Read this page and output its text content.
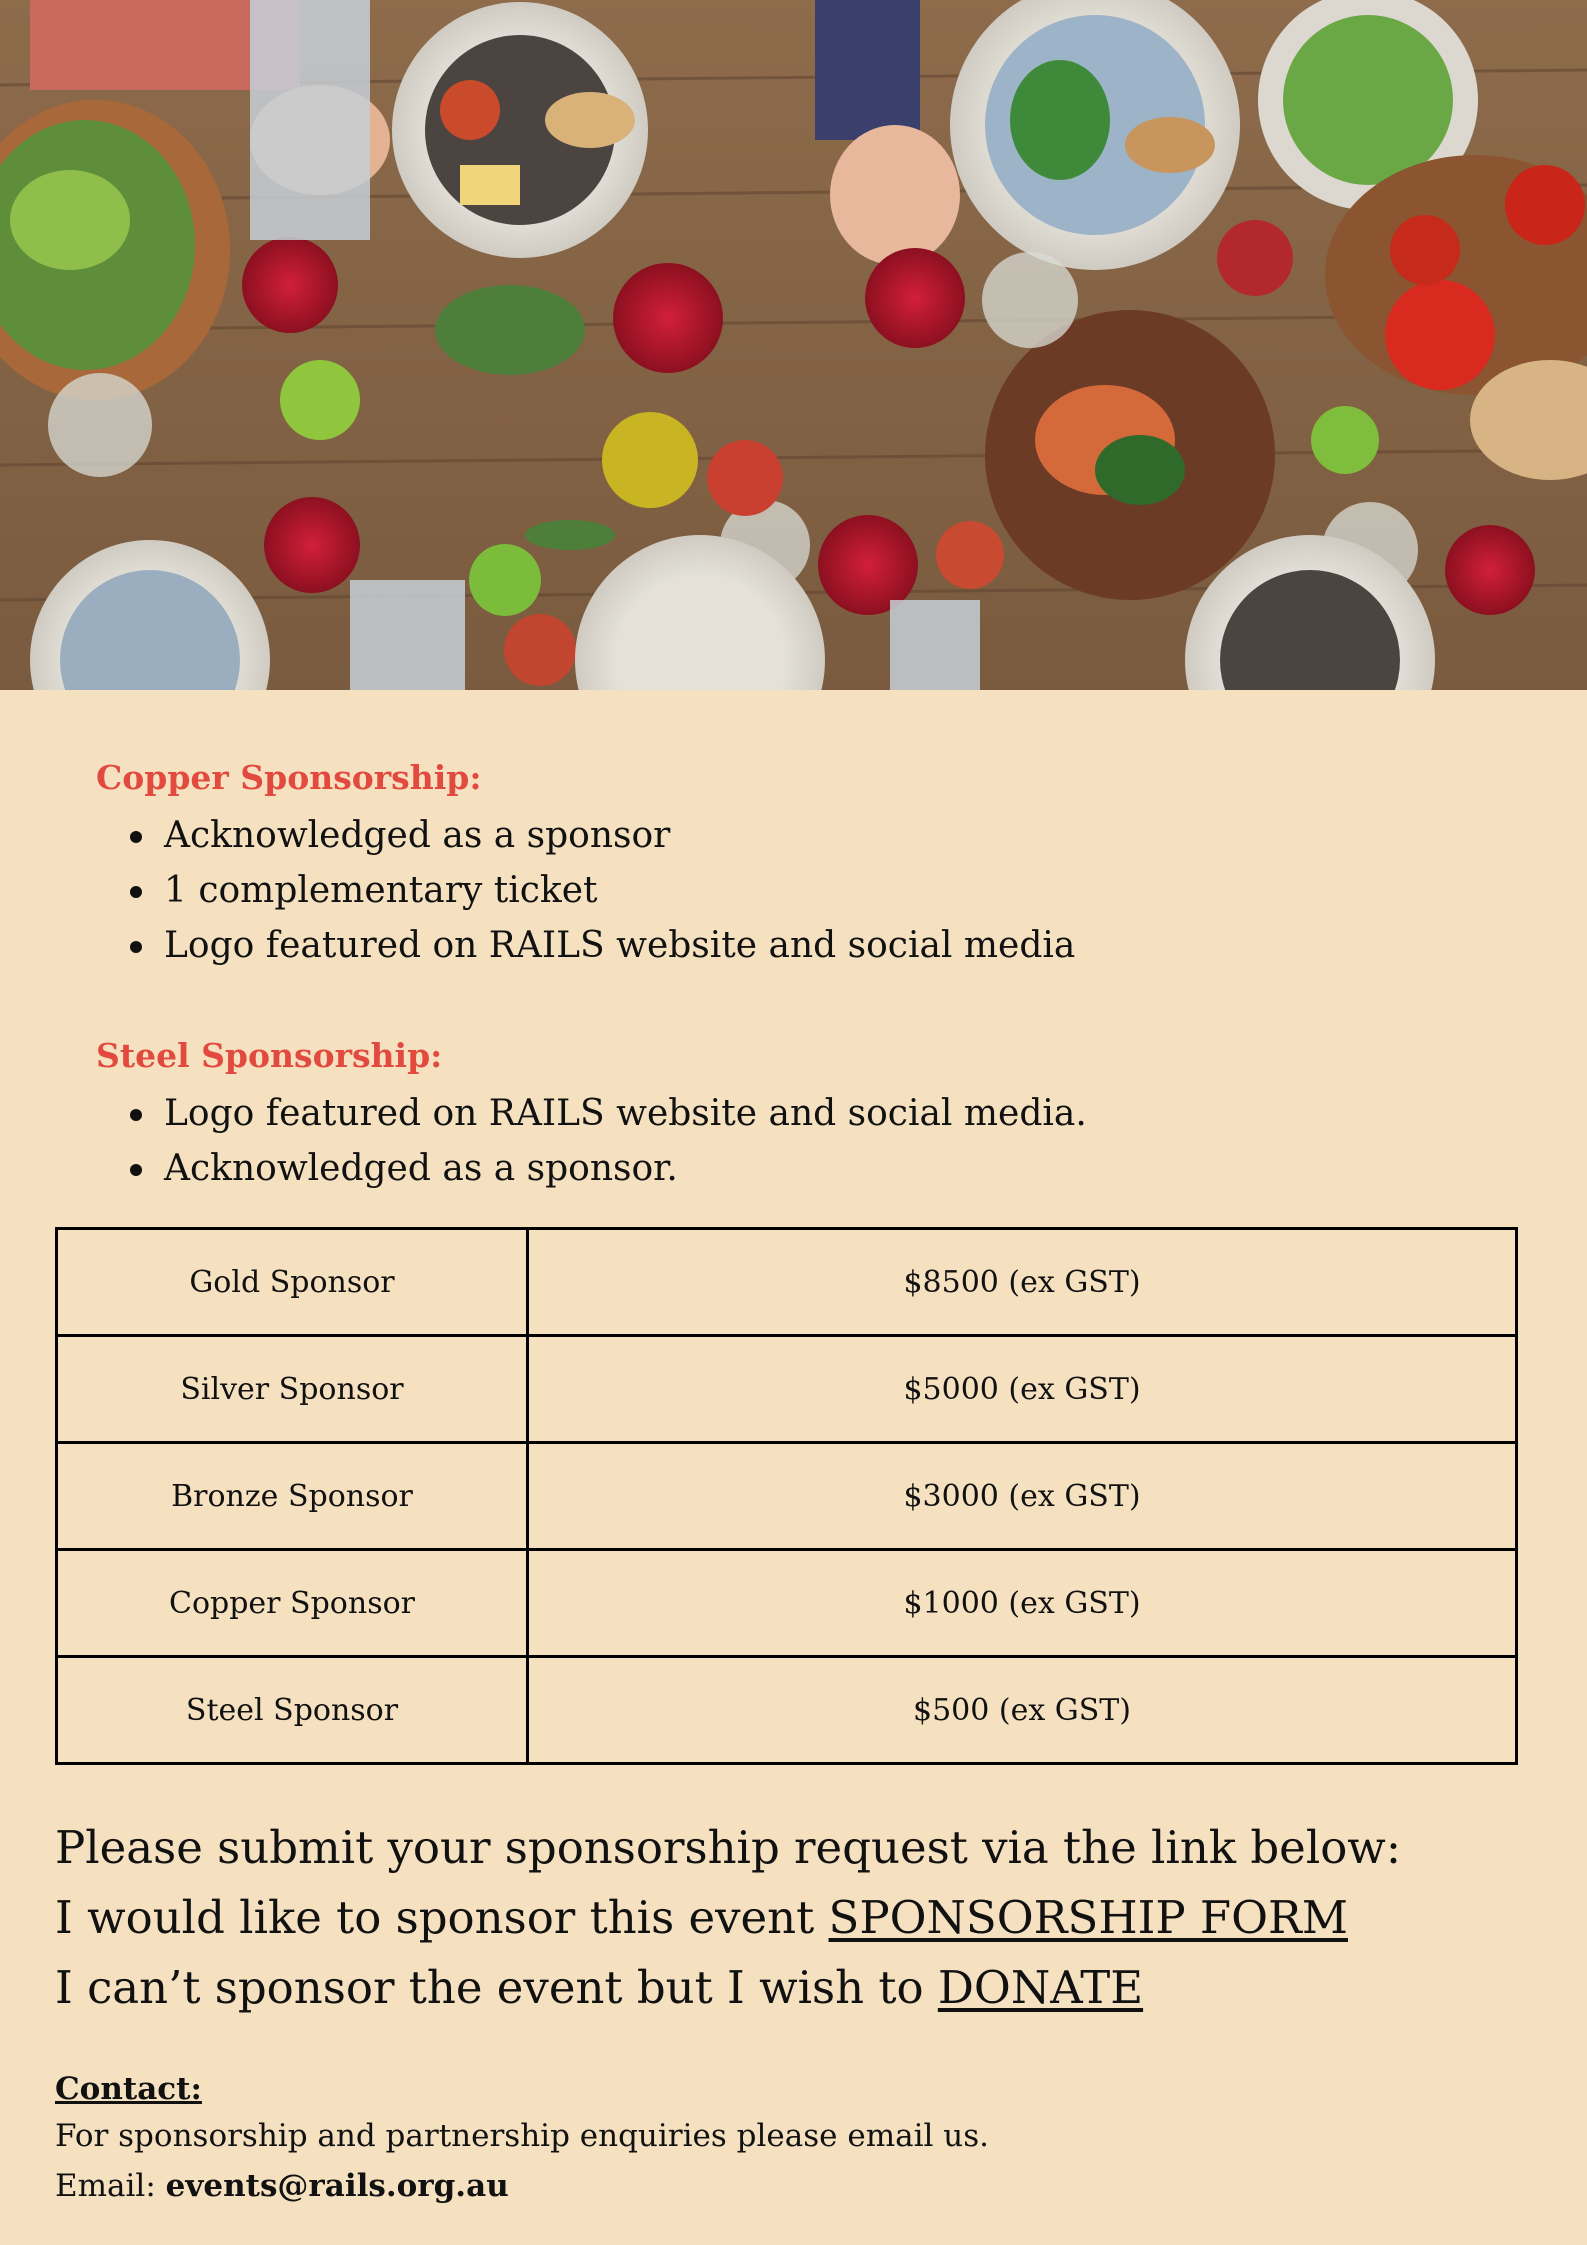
Copper Sponsorship:
Acknowledged as a sponsor
1 complementary ticket
Logo featured on RAILS website and social media
Steel Sponsorship:
Logo featured on RAILS website and social media.
Acknowledged as a sponsor.
Gold Sponsor	$8500 (ex GST)
Silver Sponsor	$5000 (ex GST)
Bronze Sponsor	$3000 (ex GST)
Copper Sponsor	$1000 (ex GST)
Steel Sponsor	$500 (ex GST)

Please submit your sponsorship request via the link below:

I would like to sponsor this event SPONSORSHIP FORM

I can’t sponsor the event but I wish to DONATE

Contact:

For sponsorship and partnership enquiries please email us.

Email: events@rails.org.au
